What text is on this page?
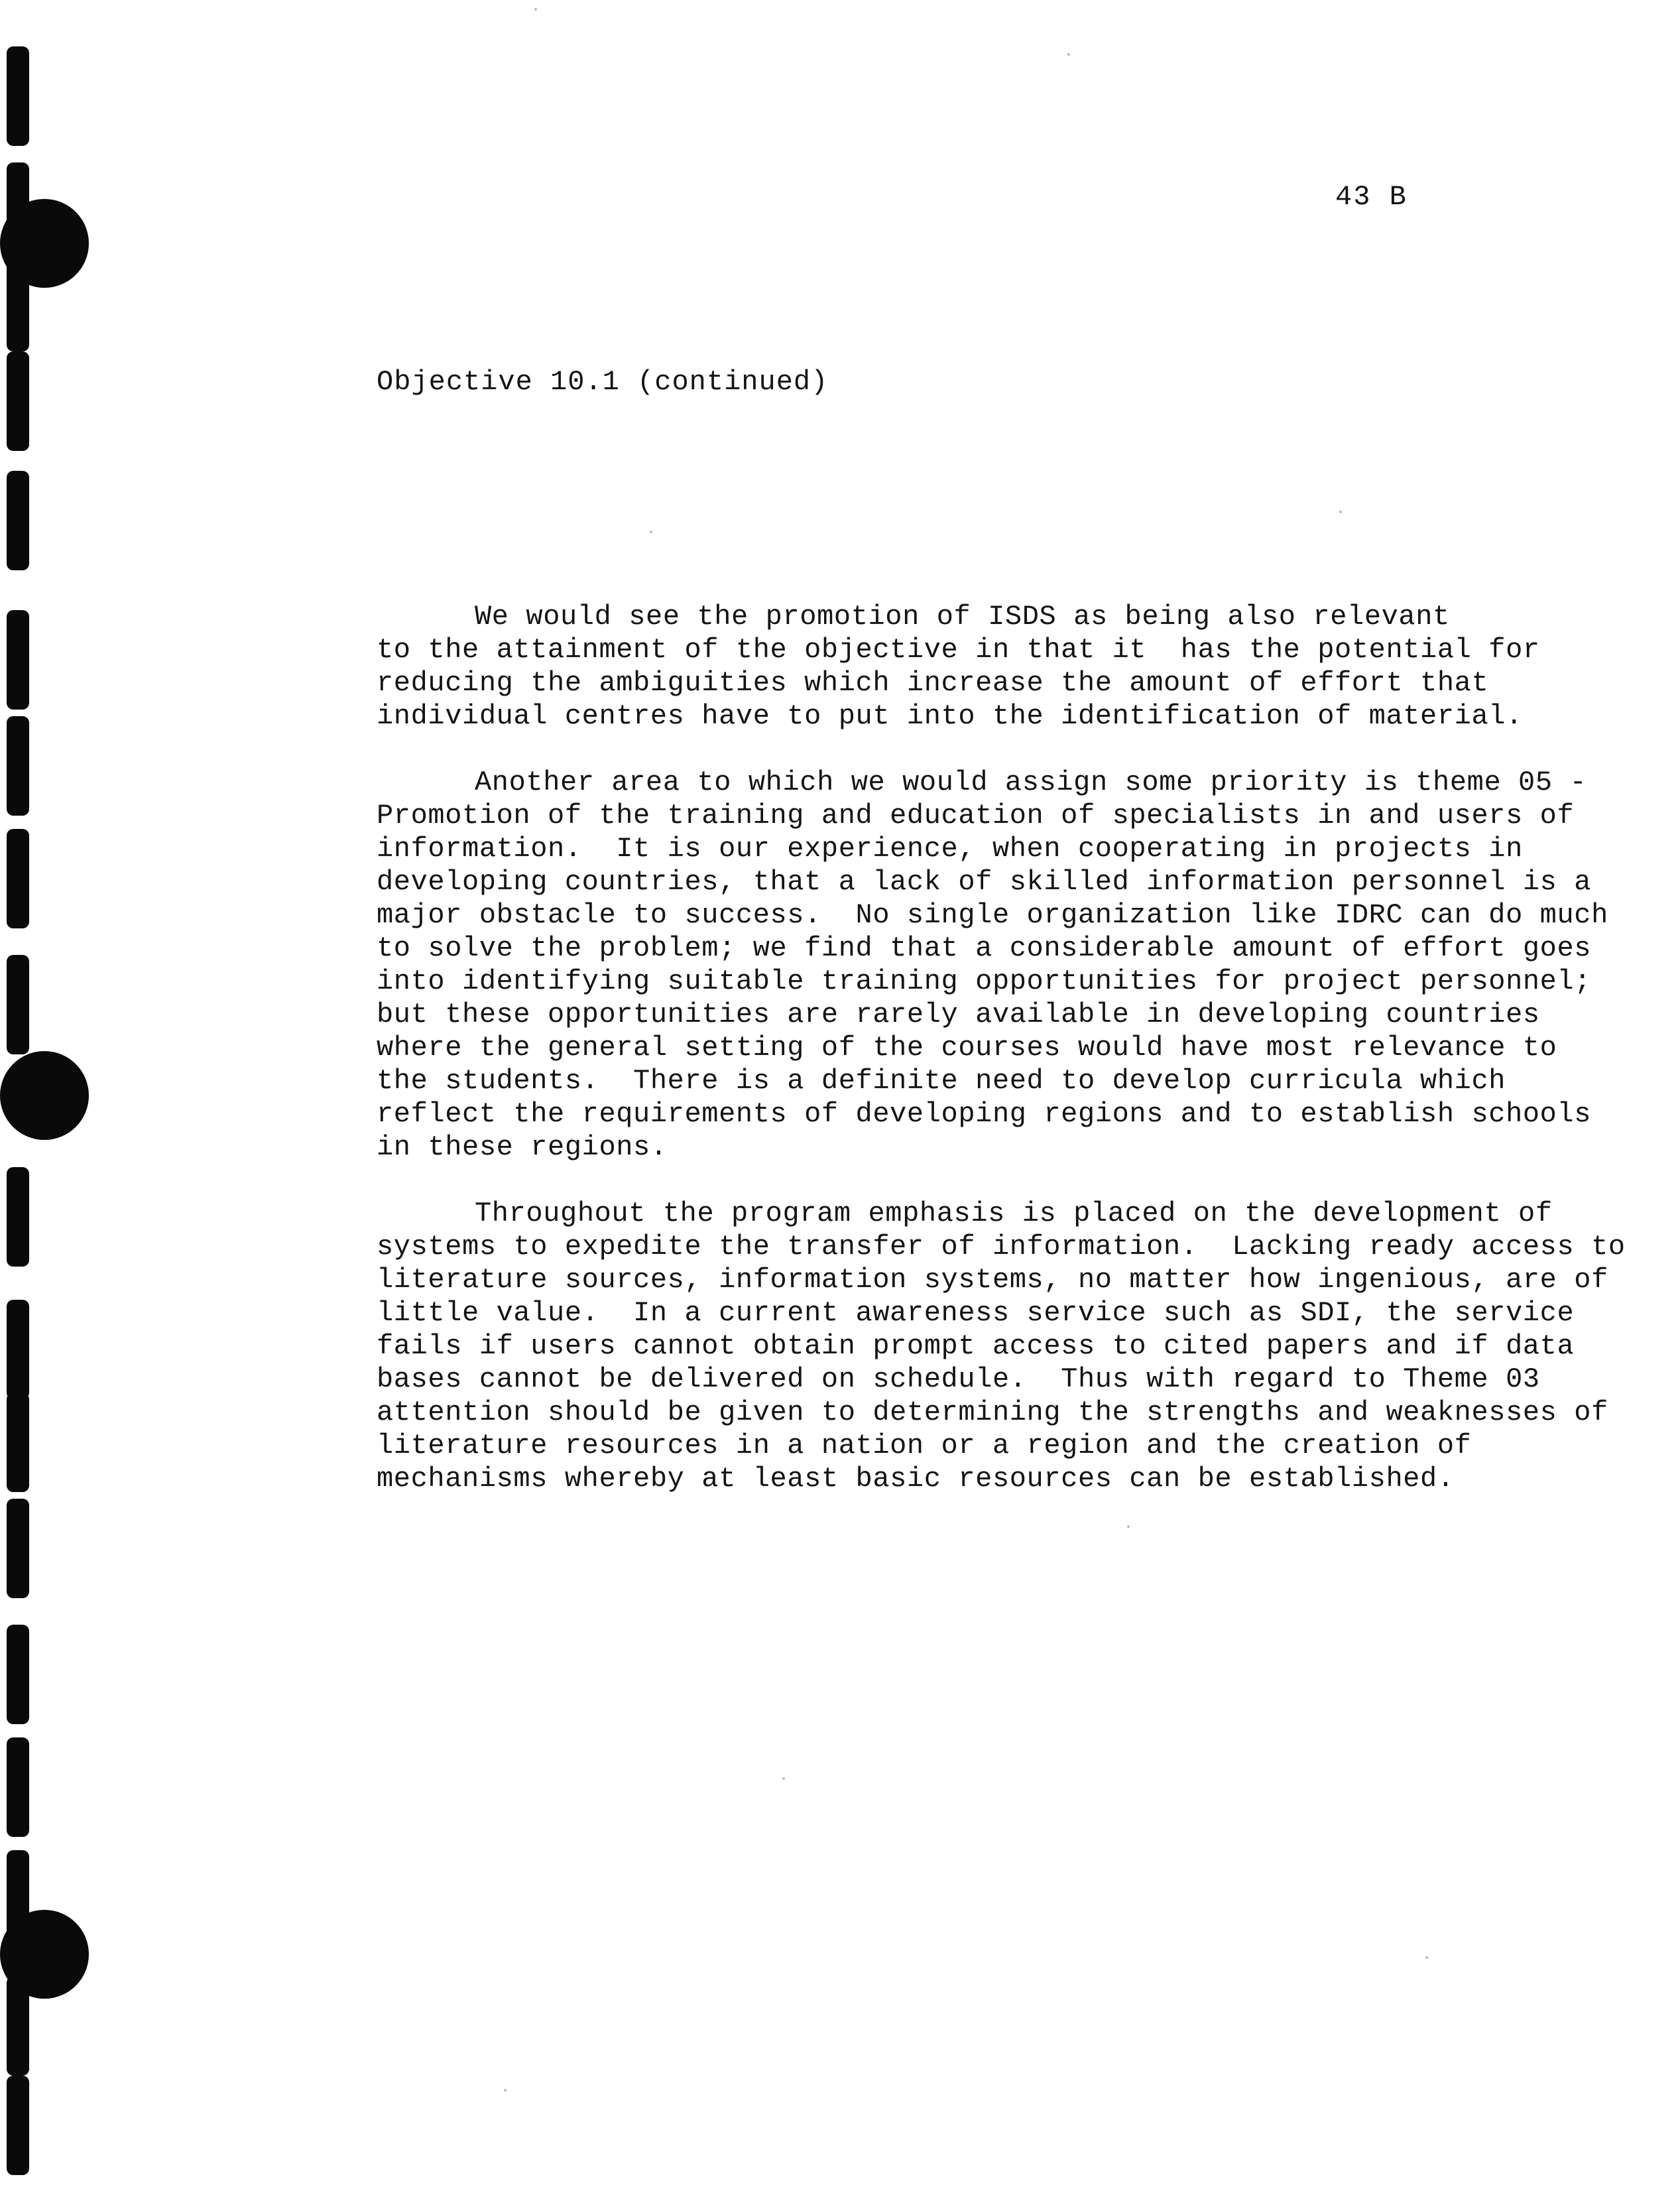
43 B
Objective 10.1 (continued)
We would see the promotion of ISDS as being also relevant
to the attainment of the objective in that it  has the potential for
reducing the ambiguities which increase the amount of effort that
individual centres have to put into the identification of material.
Another area to which we would assign some priority is theme 05 -
Promotion of the training and education of specialists in and users of
information.  It is our experience, when cooperating in projects in
developing countries, that a lack of skilled information personnel is a
major obstacle to success.  No single organization like IDRC can do much
to solve the problem; we find that a considerable amount of effort goes
into identifying suitable training opportunities for project personnel;
but these opportunities are rarely available in developing countries
where the general setting of the courses would have most relevance to
the students.  There is a definite need to develop curricula which
reflect the requirements of developing regions and to establish schools
in these regions.
Throughout the program emphasis is placed on the development of
systems to expedite the transfer of information.  Lacking ready access to
literature sources, information systems, no matter how ingenious, are of
little value.  In a current awareness service such as SDI, the service
fails if users cannot obtain prompt access to cited papers and if data
bases cannot be delivered on schedule.  Thus with regard to Theme 03
attention should be given to determining the strengths and weaknesses of
literature resources in a nation or a region and the creation of
mechanisms whereby at least basic resources can be established.
